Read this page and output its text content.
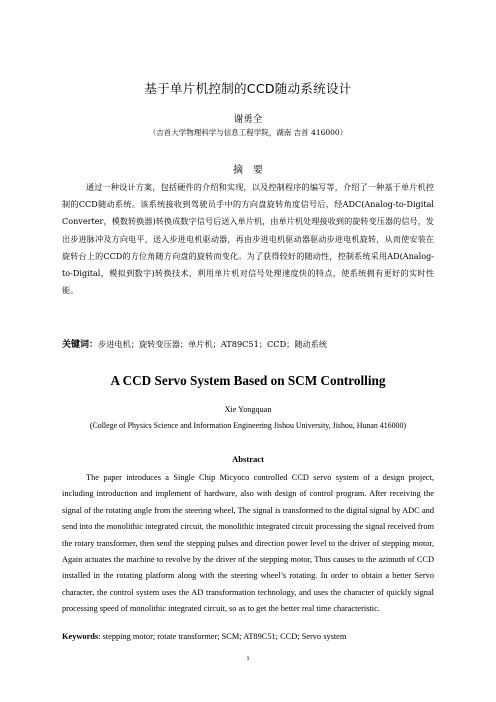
基于单片机控制的CCD随动系统设计
谢勇全
（吉首大学物理科学与信息工程学院，湖南 吉首 416000）
摘要

通过一种设计方案，包括硬件的介绍和实现，以及控制程序的编写等，介绍了一种基于单片机控制的CCD随动系统。该系统接收到驾驶员手中的方向盘旋转角度信号后，经ADC(Analog-to-Digital Converter，模数转换器)转换成数字信号后送入单片机，由单片机处理接收到的旋转变压器的信号，发出步进脉冲及方向电平，送入步进电机驱动器，再由步进电机驱动器驱动步进电机旋转，从而使安装在旋转台上的CCD的方位角随方向盘的旋转而变化。为了获得较好的随动性，控制系统采用AD(Analog-to-Digital，模拟到数字)转换技术，利用单片机对信号处理速度快的特点，使系统拥有更好的实时性能。

关键词：步进电机；旋转变压器；单片机；AT89C51；CCD；随动系统
A CCD Servo System Based on SCM Controlling
Xie Yongquan
(College of Physics Science and Information Engineering Jishou University, Jishou, Hunan 416000)
Abstract

The paper introduces a Single Chip Micyoco controlled CCD servo system of a design project, including introduction and implement of hardware, also with design of control program. After receiving the signal of the rotating angle from the steering wheel, The signal is transformed to the digital signal by ADC and send into the monolithic integrated circuit, the monolithic integrated circuit processing the signal received from the rotary transformer, then send the stepping pulses and direction power level to the driver of stepping motor, Again actuates the machine to revolve by the driver of the stepping motor, Thus causes to the azimuth of CCD installed in the rotating platform along with the steering wheel’s rotating. In order to obtain a better Servo character, the control system uses the AD transformation technology, and uses the character of quickly signal processing speed of monolithic integrated circuit, so as to get the better real time characteristic.

Keywords: stepping motor; rotate transformer; SCM; AT89C51; CCD; Servo system
1
